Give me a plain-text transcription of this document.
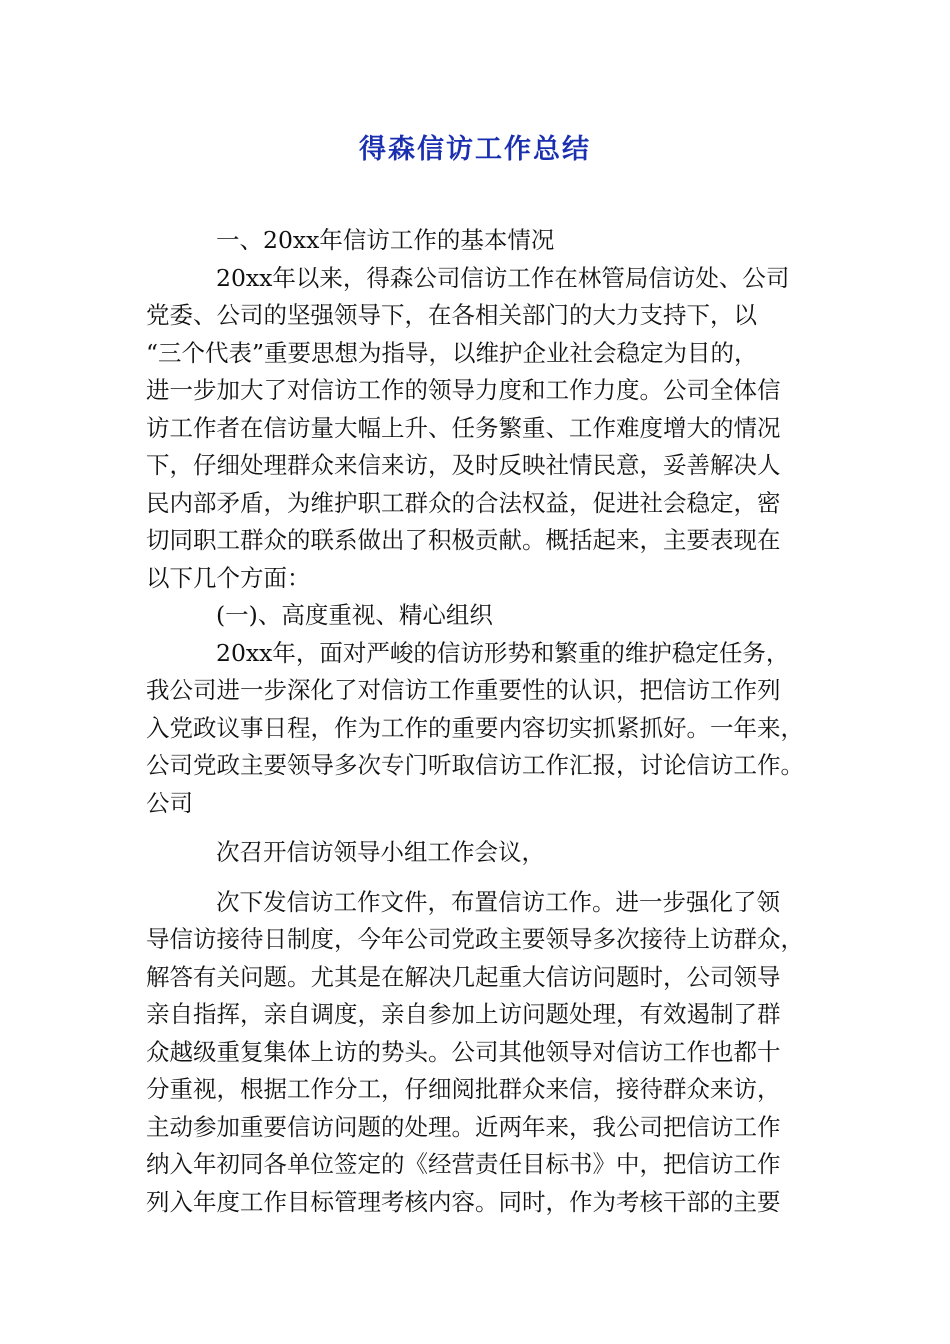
得森信访工作总结
一、20xx年信访工作的基本情况
20xx年以来，得森公司信访工作在林管局信访处、公司
党委、公司的坚强领导下，在各相关部门的大力支持下，以
“三个代表”重要思想为指导，以维护企业社会稳定为目的，
进一步加大了对信访工作的领导力度和工作力度。公司全体信
访工作者在信访量大幅上升、任务繁重、工作难度增大的情况
下，仔细处理群众来信来访，及时反映社情民意，妥善解决人
民内部矛盾，为维护职工群众的合法权益，促进社会稳定，密
切同职工群众的联系做出了积极贡献。概括起来，主要表现在
以下几个方面：
(一)、高度重视、精心组织
20xx年，面对严峻的信访形势和繁重的维护稳定任务，
我公司进一步深化了对信访工作重要性的认识，把信访工作列
入党政议事日程，作为工作的重要内容切实抓紧抓好。一年来，
公司党政主要领导多次专门听取信访工作汇报，讨论信访工作。
公司
次召开信访领导小组工作会议，
次下发信访工作文件，布置信访工作。进一步强化了领
导信访接待日制度，今年公司党政主要领导多次接待上访群众，
解答有关问题。尤其是在解决几起重大信访问题时，公司领导
亲自指挥，亲自调度，亲自参加上访问题处理，有效遏制了群
众越级重复集体上访的势头。公司其他领导对信访工作也都十
分重视，根据工作分工，仔细阅批群众来信，接待群众来访，
主动参加重要信访问题的处理。近两年来，我公司把信访工作
纳入年初同各单位签定的《经营责任目标书》中，把信访工作
列入年度工作目标管理考核内容。同时，作为考核干部的主要
